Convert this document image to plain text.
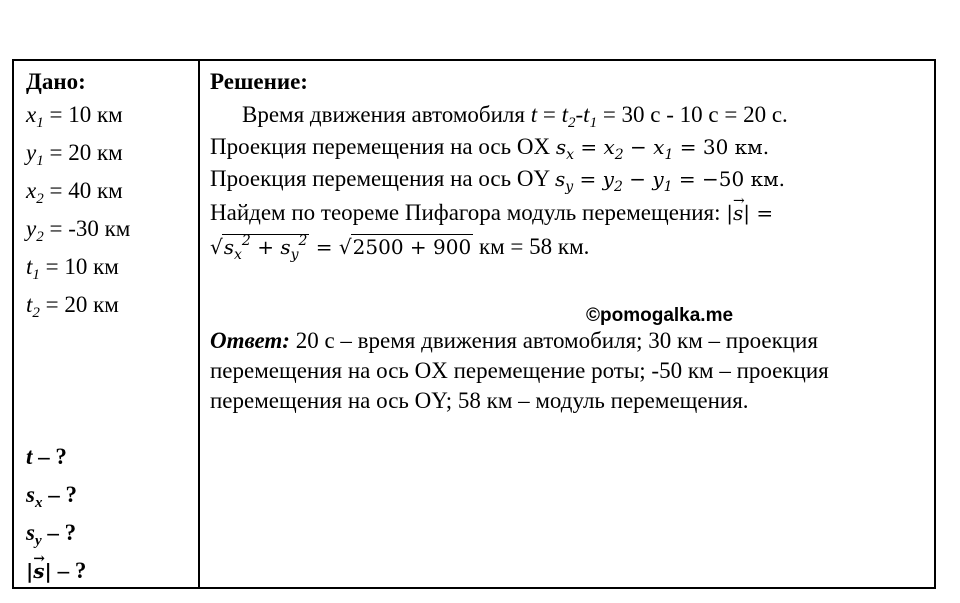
Дано:
$x_1 = 10$ км
$y_1 = 20$ км
$x_2 = 40$ км
$y_2 = -30$ км
$t_1 = 10$ км
$t_2 = 20$ км
t – ?
$s_x$ – ?
$s_y$ – ?
|→ s| – ?
Решение:
Время движения автомобиля $t = t_2-t_1 = 30$ с - 10 с = 20 с.
Проекция перемещения на ось OX $s_x = x_2 - x_1 = 30$ км.
Проекция перемещения на ось OY $s_y = y_2 - y_1 = -50$ км.
Найдем по теореме Пифагора модуль перемещения: |→ s| =
$√s_x^2 + s_y^2 = √2500 + 900$ км = 58 км.
Ответ: 20 с – время движения автомобиля; 30 км – проекция
перемещения на ось OX перемещение роты; -50 км – проекция
перемещения на ось OY; 58 км – модуль перемещения.
©pomogalka.me
